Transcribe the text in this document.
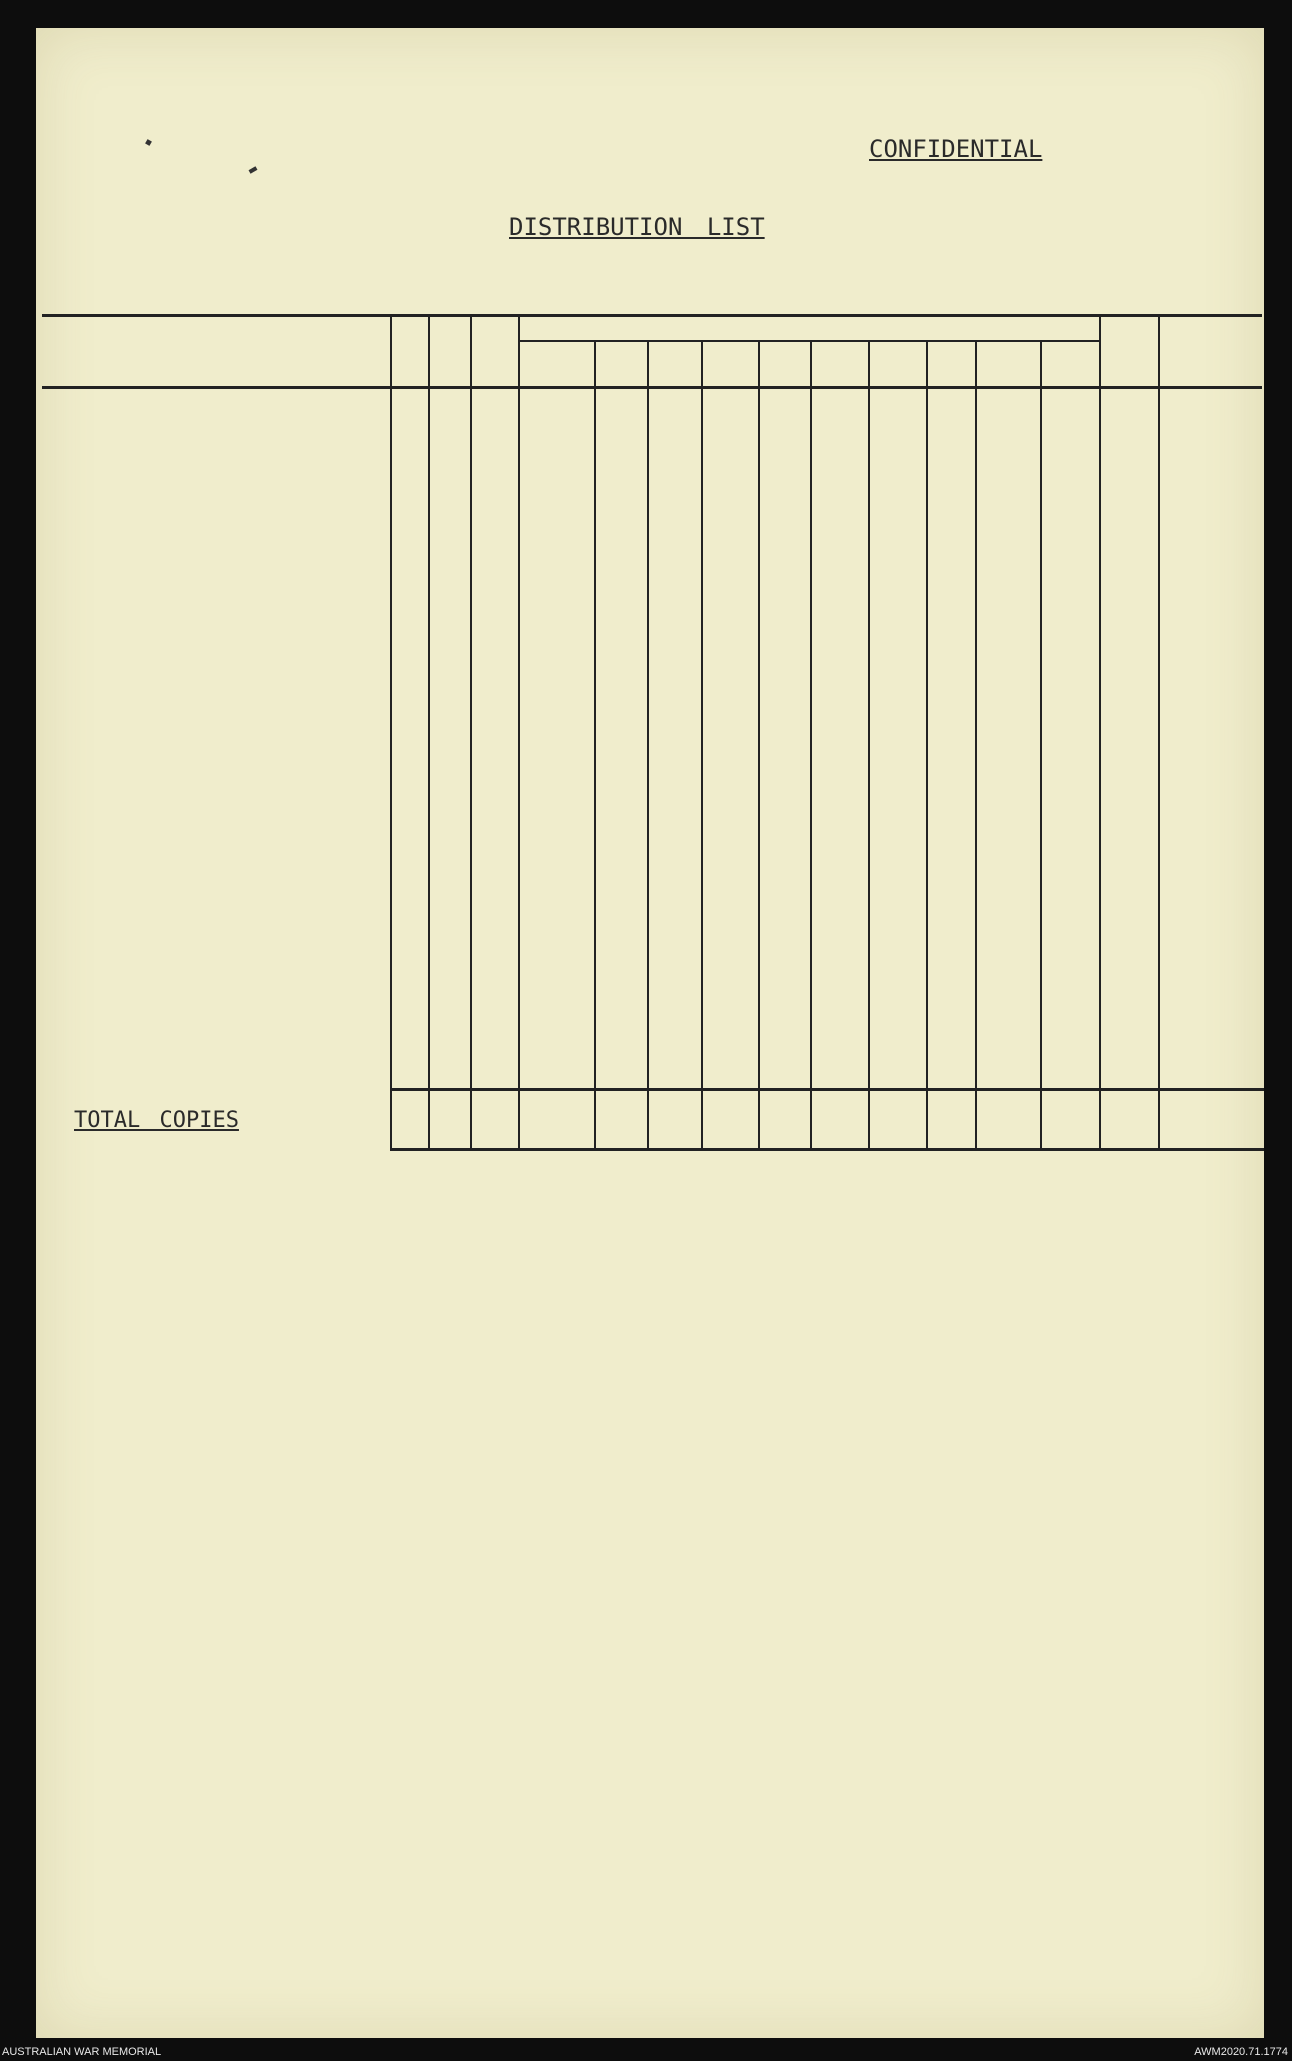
CONFIDENTIAL
DISTRIBUTION LIST
TOTAL COPIES
AUSTRALIAN WAR MEMORIAL	AWM2020.71.1774
